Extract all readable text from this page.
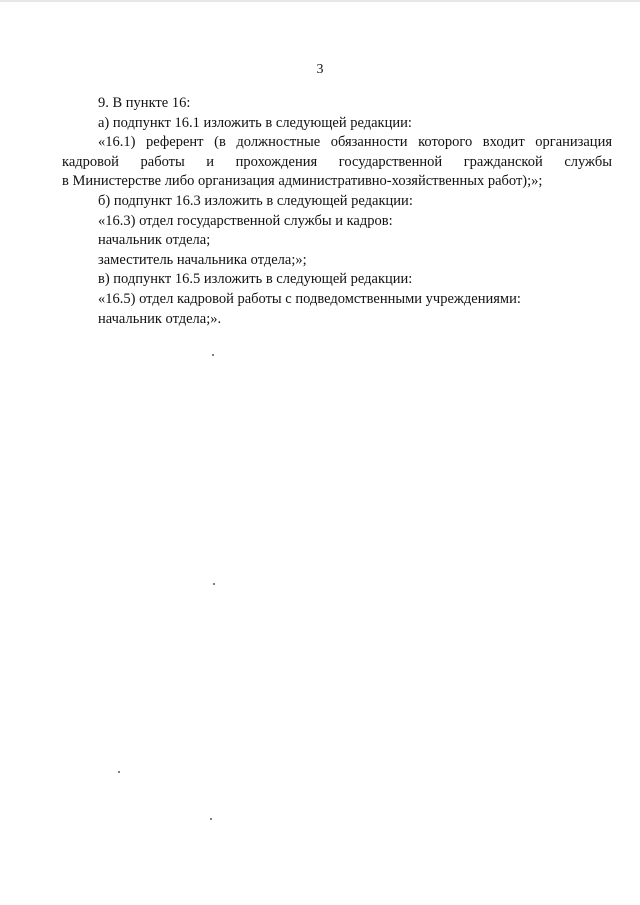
3
9. В пункте 16:
а) подпункт 16.1 изложить в следующей редакции:
«16.1) референт (в должностные обязанности которого входит организация
кадровой работы и прохождения государственной гражданской службы
в Министерстве либо организация административно-хозяйственных работ);»;
б) подпункт 16.3 изложить в следующей редакции:
«16.3) отдел государственной службы и кадров:
начальник отдела;
заместитель начальника отдела;»;
в) подпункт 16.5 изложить в следующей редакции:
«16.5) отдел кадровой работы с подведомственными учреждениями:
начальник отдела;».
